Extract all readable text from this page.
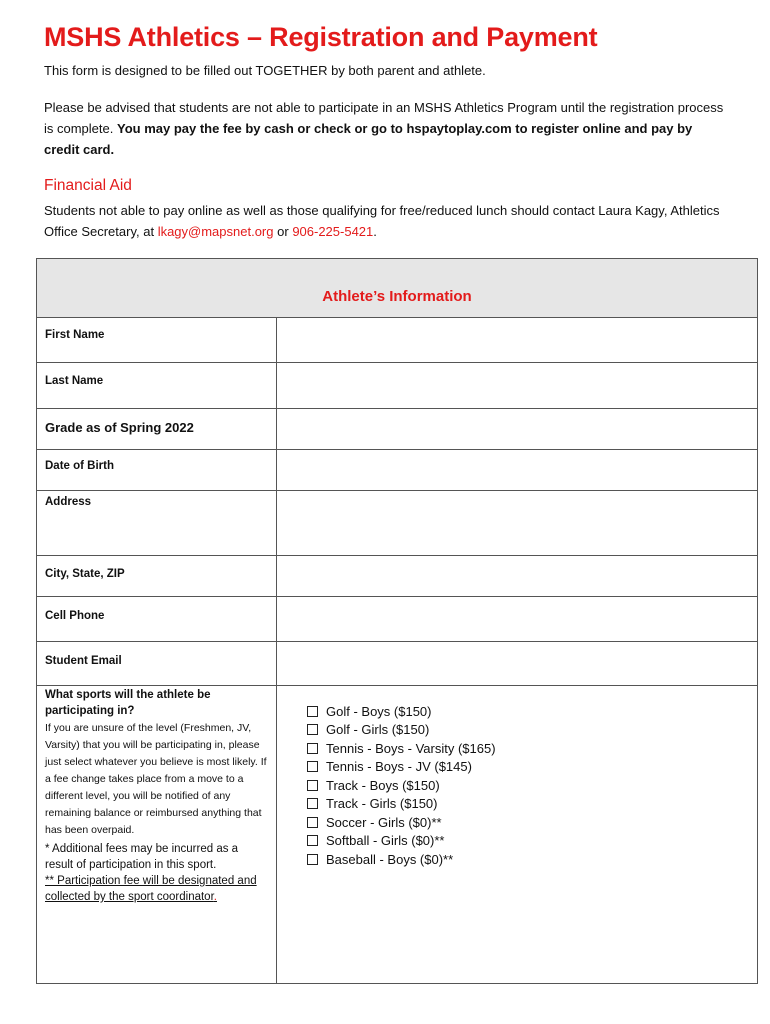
MSHS Athletics – Registration and Payment
This form is designed to be filled out TOGETHER by both parent and athlete.
Please be advised that students are not able to participate in an MSHS Athletics Program until the registration process is complete. You may pay the fee by cash or check or go to hspaytoplay.com to register online and pay by credit card.
Financial Aid
Students not able to pay online as well as those qualifying for free/reduced lunch should contact Laura Kagy, Athletics Office Secretary, at lkagy@mapsnet.org or 906-225-5421.
Athlete’s Information
First Name
Last Name
Grade as of Spring 2022
Date of Birth
Address
City, State, ZIP
Cell Phone
Student Email
What sports will the athlete be participating in?
If you are unsure of the level (Freshmen, JV, Varsity) that you will be participating in, please just select whatever you believe is most likely. If a fee change takes place from a move to a different level, you will be notified of any remaining balance or reimbursed anything that has been overpaid.
* Additional fees may be incurred as a result of participation in this sport.
** Participation fee will be designated and collected by the sport coordinator.
Golf - Boys ($150)
Golf - Girls ($150)
Tennis - Boys - Varsity ($165)
Tennis - Boys - JV ($145)
Track - Boys ($150)
Track - Girls ($150)
Soccer - Girls ($0)**
Softball - Girls ($0)**
Baseball - Boys ($0)**
